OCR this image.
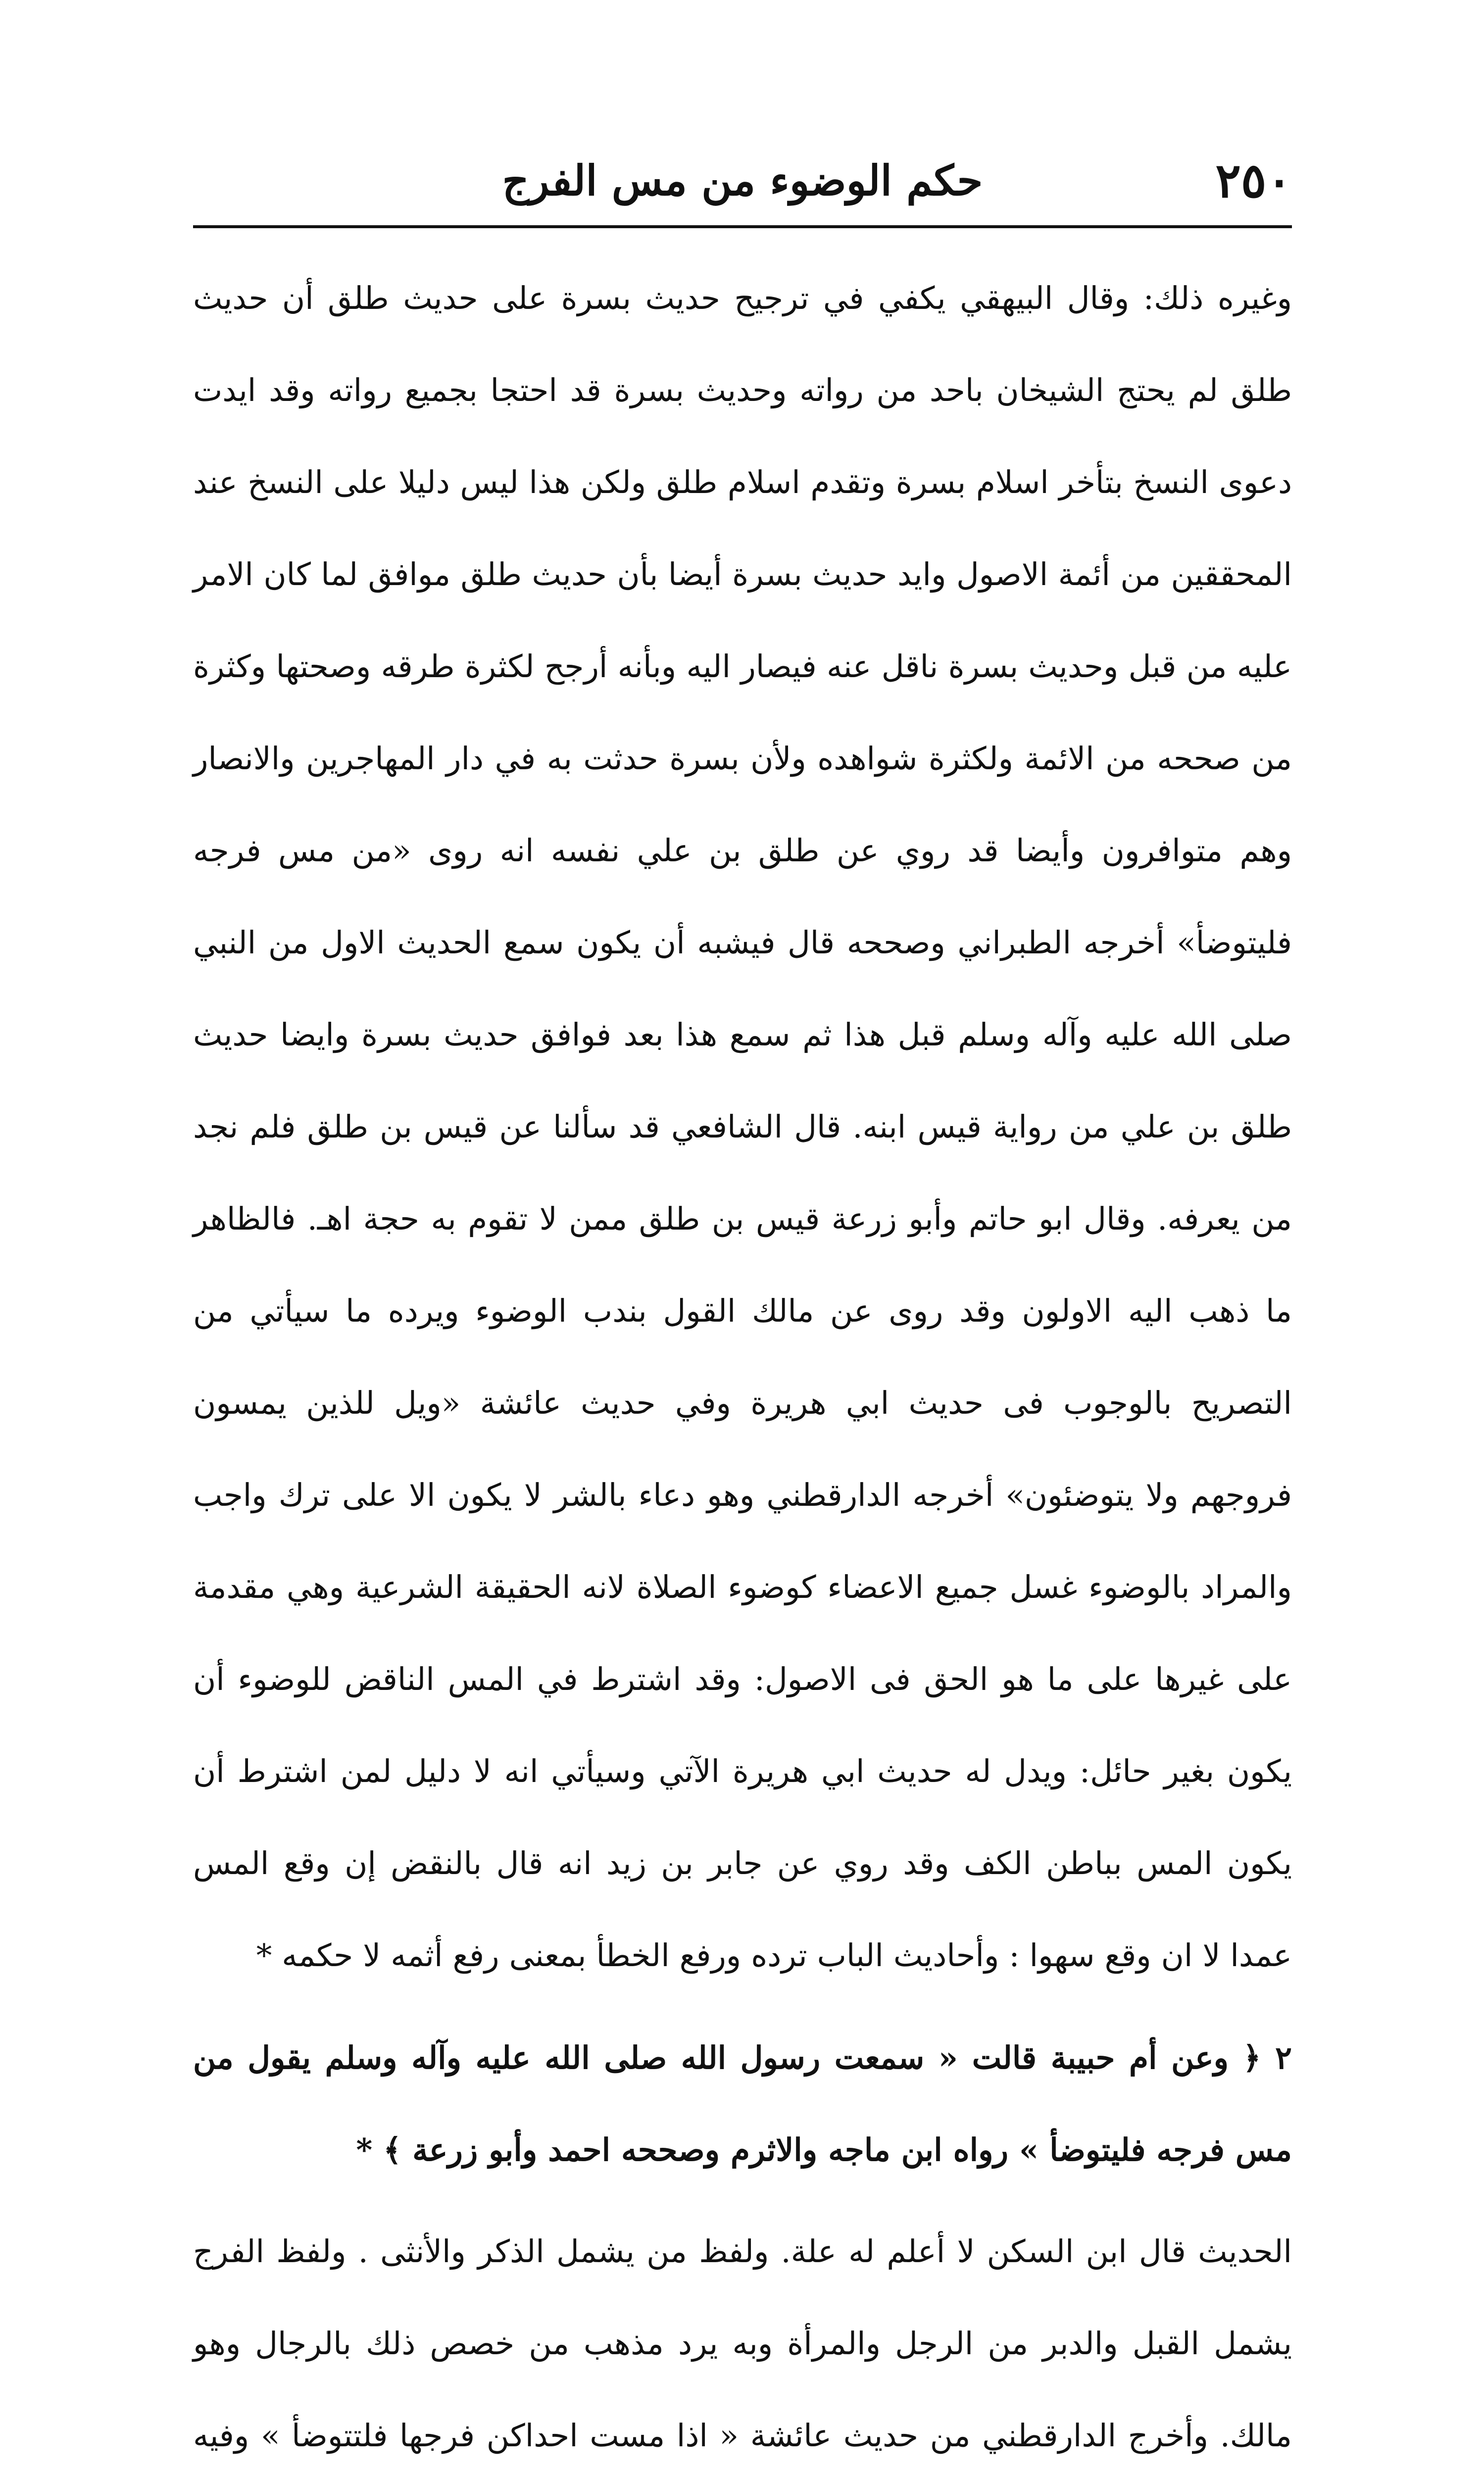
٢٥٠
حكم الوضوء من مس الفرج

وغيره ذلك: وقال البيهقي يكفي في ترجيح حديث بسرة على حديث طلق أن حديث طلق لم يحتج الشيخان باحد من رواته وحديث بسرة قد احتجا بجميع رواته وقد ايدت دعوى النسخ بتأخر اسلام بسرة وتقدم اسلام طلق ولكن هذا ليس دليلا على النسخ عند المحققين من أئمة الاصول وايد حديث بسرة أيضا بأن حديث طلق موافق لما كان الامر عليه من قبل وحديث بسرة ناقل عنه فيصار اليه وبأنه أرجح لكثرة طرقه وصحتها وكثرة من صححه من الائمة ولكثرة شواهده ولأن بسرة حدثت به في دار المهاجرين والانصار وهم متوافرون وأيضا قد روي عن طلق بن علي نفسه انه روى «من مس فرجه فليتوضأ» أخرجه الطبراني وصححه قال فيشبه أن يكون سمع الحديث الاول من النبي صلى الله عليه وآله وسلم قبل هذا ثم سمع هذا بعد فوافق حديث بسرة وايضا حديث طلق بن علي من رواية قيس ابنه. قال الشافعي قد سألنا عن قيس بن طلق فلم نجد من يعرفه. وقال ابو حاتم وأبو زرعة قيس بن طلق ممن لا تقوم به حجة اهـ. فالظاهر ما ذهب اليه الاولون وقد روى عن مالك القول بندب الوضوء ويرده ما سيأتي من التصريح بالوجوب فى حديث ابي هريرة وفي حديث عائشة «ويل للذين يمسون فروجهم ولا يتوضئون» أخرجه الدارقطني وهو دعاء بالشر لا يكون الا على ترك واجب والمراد بالوضوء غسل جميع الاعضاء كوضوء الصلاة لانه الحقيقة الشرعية وهي مقدمة على غيرها على ما هو الحق فى الاصول: وقد اشترط في المس الناقض للوضوء أن يكون بغير حائل: ويدل له حديث ابي هريرة الآتي وسيأتي انه لا دليل لمن اشترط أن يكون المس بباطن الكف وقد روي عن جابر بن زيد انه قال بالنقض إن وقع المس عمدا لا ان وقع سهوا : وأحاديث الباب ترده ورفع الخطأ بمعنى رفع أثمه لا حكمه *

٢ ﴿ وعن أم حبيبة قالت « سمعت رسول الله صلى الله عليه وآله وسلم يقول من مس فرجه فليتوضأ » رواه ابن ماجه والاثرم وصححه احمد وأبو زرعة ﴾ *

الحديث قال ابن السكن لا أعلم له علة. ولفظ من يشمل الذكر والأنثى . ولفظ الفرج يشمل القبل والدبر من الرجل والمرأة وبه يرد مذهب من خصص ذلك بالرجال وهو مالك. وأخرج الدارقطني من حديث عائشة « اذا مست احداكن فرجها فلتتوضأ » وفيه
